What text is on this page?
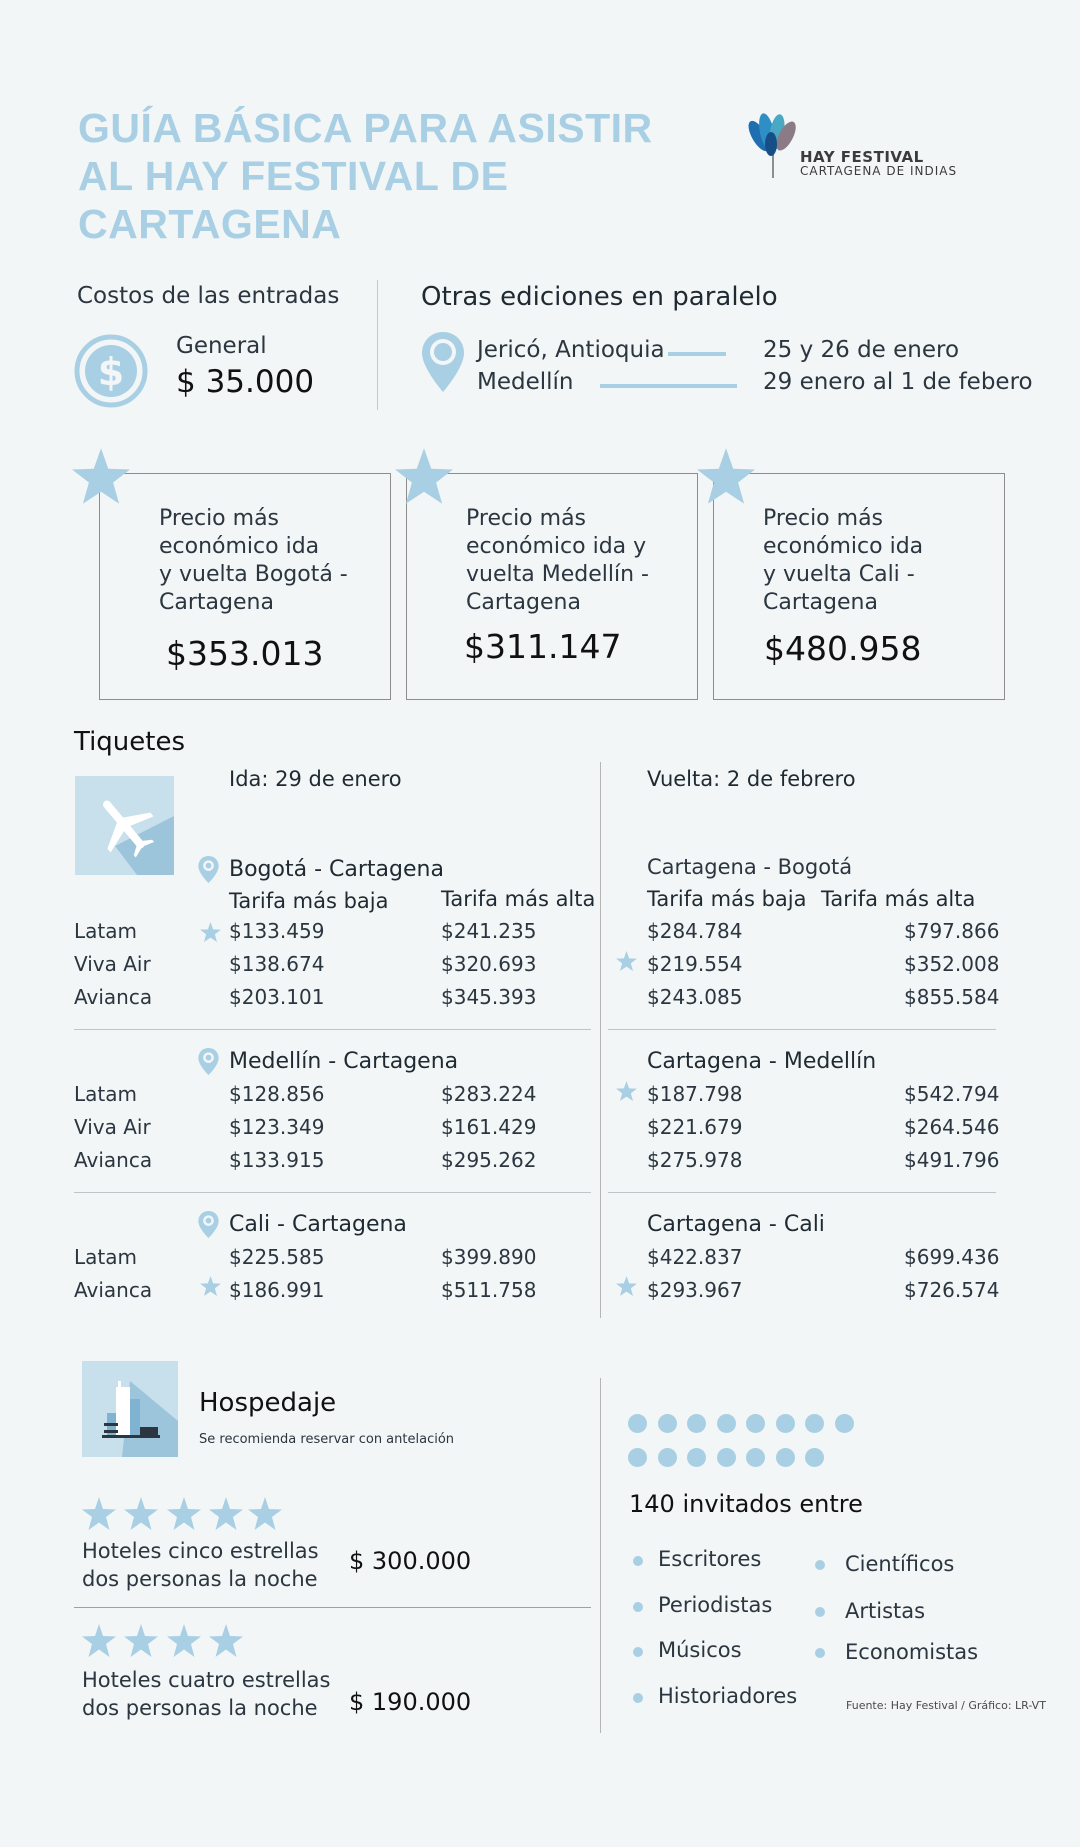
GUÍA BÁSICA PARA ASISTIR
AL HAY FESTIVAL DE CARTAGENA
HAY FESTIVAL
CARTAGENA DE INDIAS
Costos de las entradas
$
General
$ 35.000
Otras ediciones en paralelo
Jericó, Antioquia	25 y 26 de enero
Medellín	29 enero al 1 de febero
Precio más
económico ida
y vuelta Bogotá -
Cartagena
$353.013
Precio más
económico ida y
vuelta Medellín -
Cartagena
$311.147
Precio más
económico ida
y vuelta Cali -
Cartagena
$480.958
Tiquetes
Ida: 29 de enero	Vuelta: 2 de febrero
Bogotá - Cartagena
Tarifa más baja	Tarifa más alta
Latam	$133.459	$241.235
Viva Air	$138.674	$320.693
Avianca	$203.101	$345.393
Medellín - Cartagena
Latam	$128.856	$283.224
Viva Air	$123.349	$161.429
Avianca	$133.915	$295.262
Cali - Cartagena
Latam	$225.585	$399.890
Avianca	$186.991	$511.758
Cartagena - Bogotá
Tarifa más baja Tarifa más alta
$284.784	$797.866
$219.554	$352.008
$243.085	$855.584
Cartagena - Medellín
$187.798	$542.794
$221.679	$264.546
$275.978	$491.796
Cartagena - Cali
$422.837	$699.436
$293.967	$726.574
Hospedaje
Se recomienda reservar con antelación
Hoteles cinco estrellas
dos personas la noche
$ 300.000
Hoteles cuatro estrellas
dos personas la noche	$ 190.000
140 invitados entre
Escritores
Periodistas
Músicos
Historiadores
Científicos
Artistas
Economistas
Fuente: Hay Festival / Gráfico: LR-VT
